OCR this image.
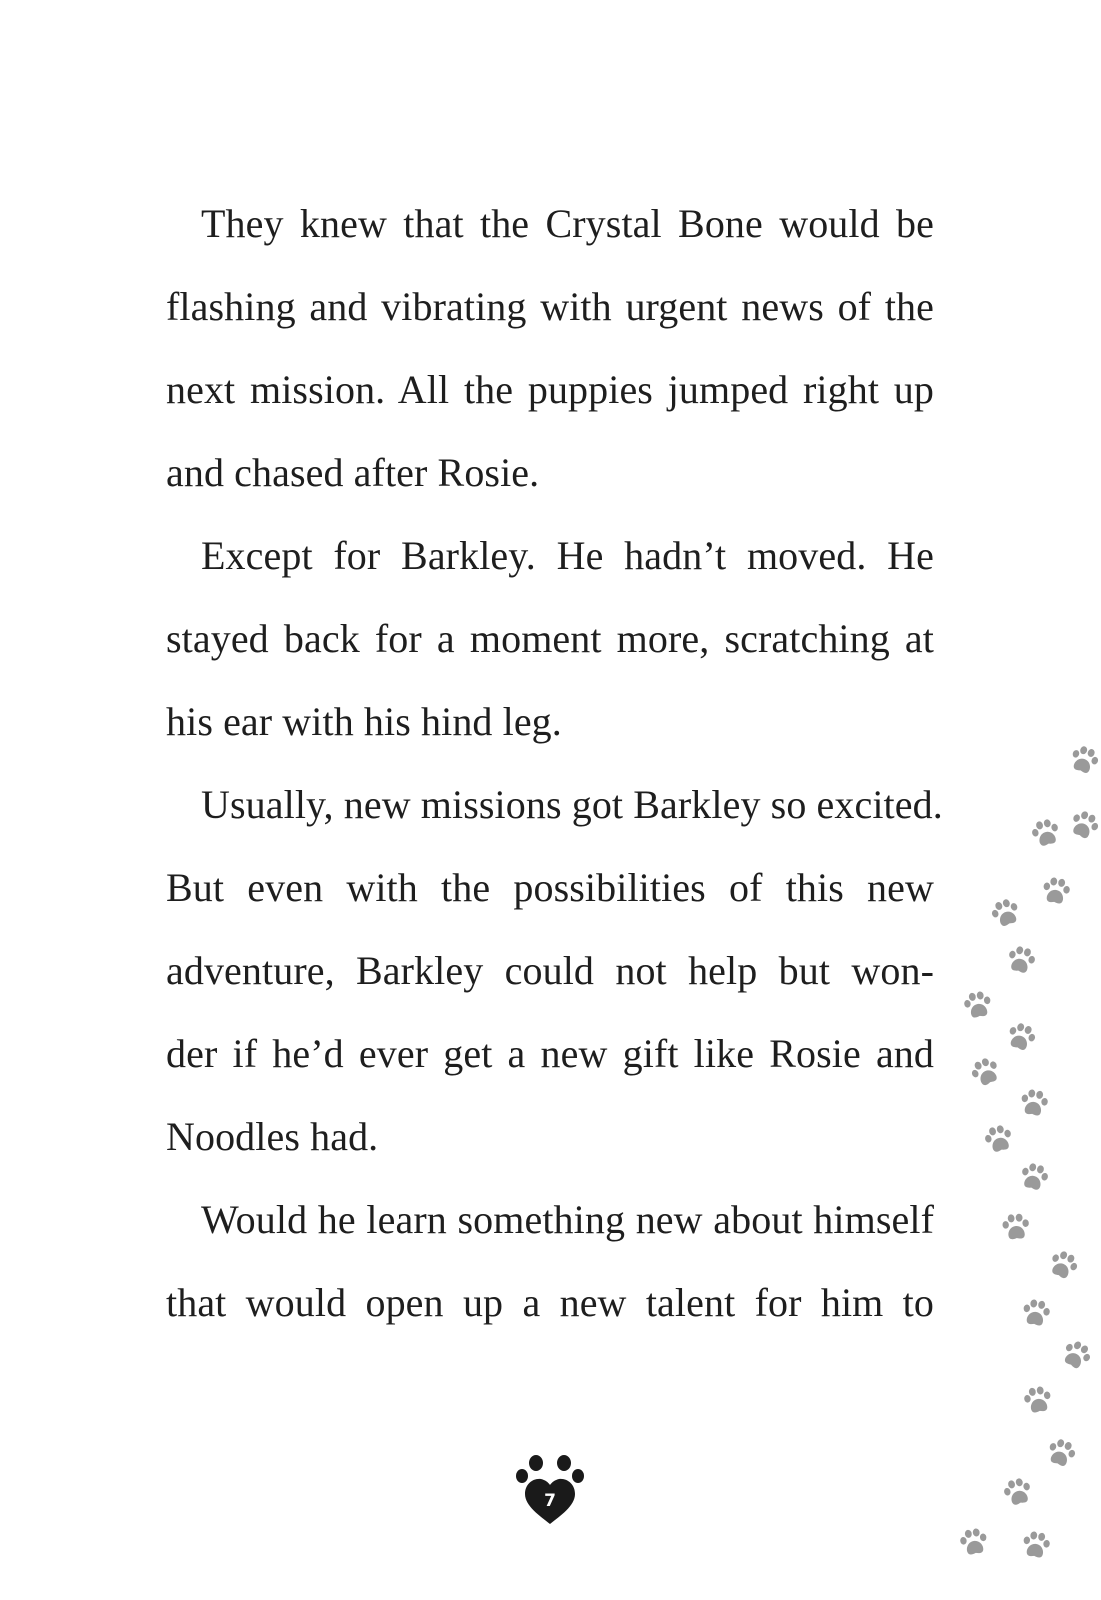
They knew that the Crystal Bone would be
flashing and vibrating with urgent news of the
next mission. All the puppies jumped right up
and chased after Rosie.
Except for Barkley. He hadn’t moved. He
stayed back for a moment more, scratching at
his ear with his hind leg.
Usually, new missions got Barkley so excited.
But even with the possibilities of this new
adventure, Barkley could not help but won-
der if he’d ever get a new gift like Rosie and
Noodles had.
Would he learn something new about himself
that would open up a new talent for him to
7
